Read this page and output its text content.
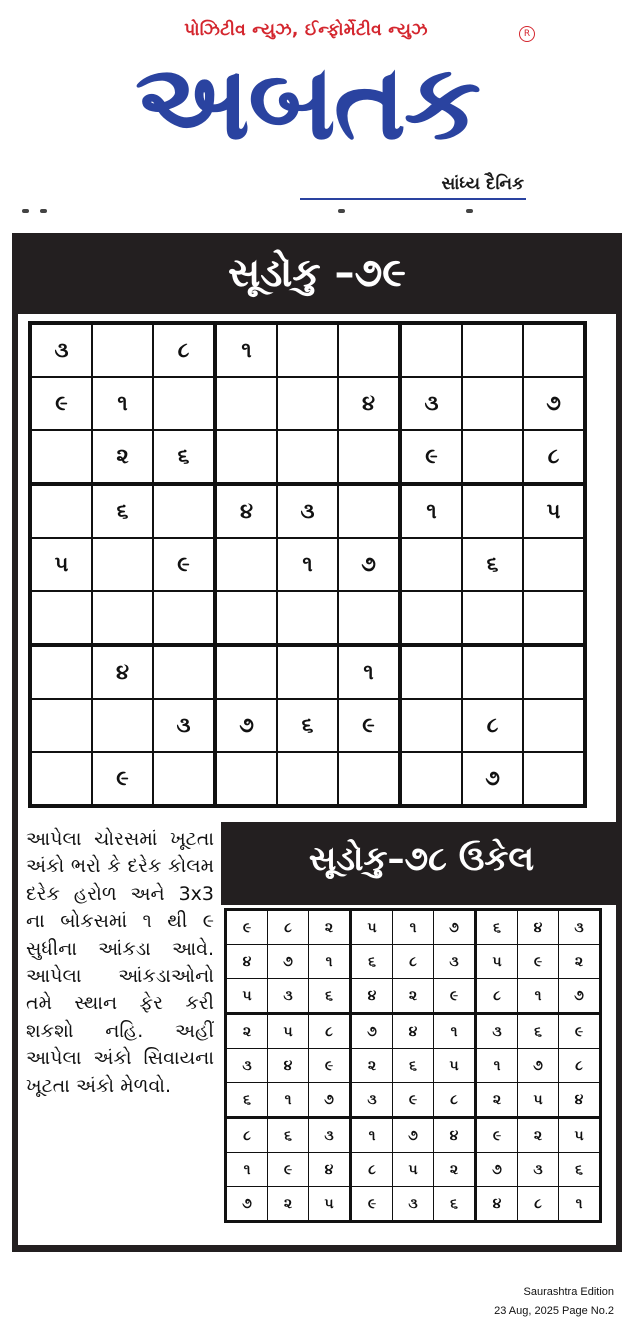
પોઝિટીવ ન્યુઝ, ઈન્ફોર્મેટીવ ન્યુઝ
અબતક
R
સાંધ્ય દૈનિક
સૂડોકુ –૭૯
૩		૮	૧					
૯	૧				૪	૩		૭
	૨	૬				૯		૮
	૬		૪	૩		૧		૫
૫		૯		૧	૭		૬	

	૪				૧			
		૩	૭	૬	૯		૮	
	૯						૭	
આપેલા ચોરસમાં ખૂટતા અંકો ભરો કે દરેક કોલમ દરેક હરોળ અને 3x3 ના બોકસમાં ૧ થી ૯ સુધીના આંકડા આવે. આપેલા આંકડાઓનો તમે સ્થાન ફેર કરી શકશો નહિ. અહીં આપેલા અંકો સિવાયના ખૂટતા અંકો મેળવો.
સૂડોકુ–૭૮ ઉકેલ
૯	૮	૨	૫	૧	૭	૬	૪	૩
૪	૭	૧	૬	૮	૩	૫	૯	૨
૫	૩	૬	૪	૨	૯	૮	૧	૭
૨	૫	૮	૭	૪	૧	૩	૬	૯
૩	૪	૯	૨	૬	૫	૧	૭	૮
૬	૧	૭	૩	૯	૮	૨	૫	૪
૮	૬	૩	૧	૭	૪	૯	૨	૫
૧	૯	૪	૮	૫	૨	૭	૩	૬
૭	૨	૫	૯	૩	૬	૪	૮	૧
Saurashtra Edition
23 Aug, 2025 Page No.2
